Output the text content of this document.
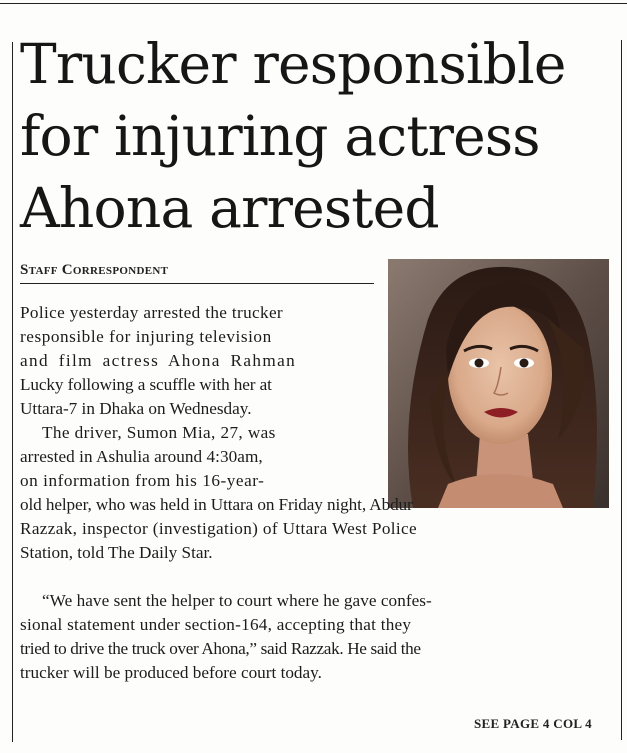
Trucker responsible
for injuring actress
Ahona arrested
Staff Correspondent

Police yesterday arrested the trucker
responsible for injuring television
and film actress Ahona Rahman
Lucky following a scuffle with her at
Uttara-7 in Dhaka on Wednesday.

The driver, Sumon Mia, 27, was
arrested in Ashulia around 4:30am,
on information from his 16-year-
old helper, who was held in Uttara on Friday night, Abdur
Razzak, inspector (investigation) of Uttara West Police
Station, told The Daily Star.

“We have sent the helper to court where he gave confes-
sional statement under section-164, accepting that they
tried to drive the truck over Ahona,” said Razzak. He said the
trucker will be produced before court today.

SEE PAGE 4 COL 4
